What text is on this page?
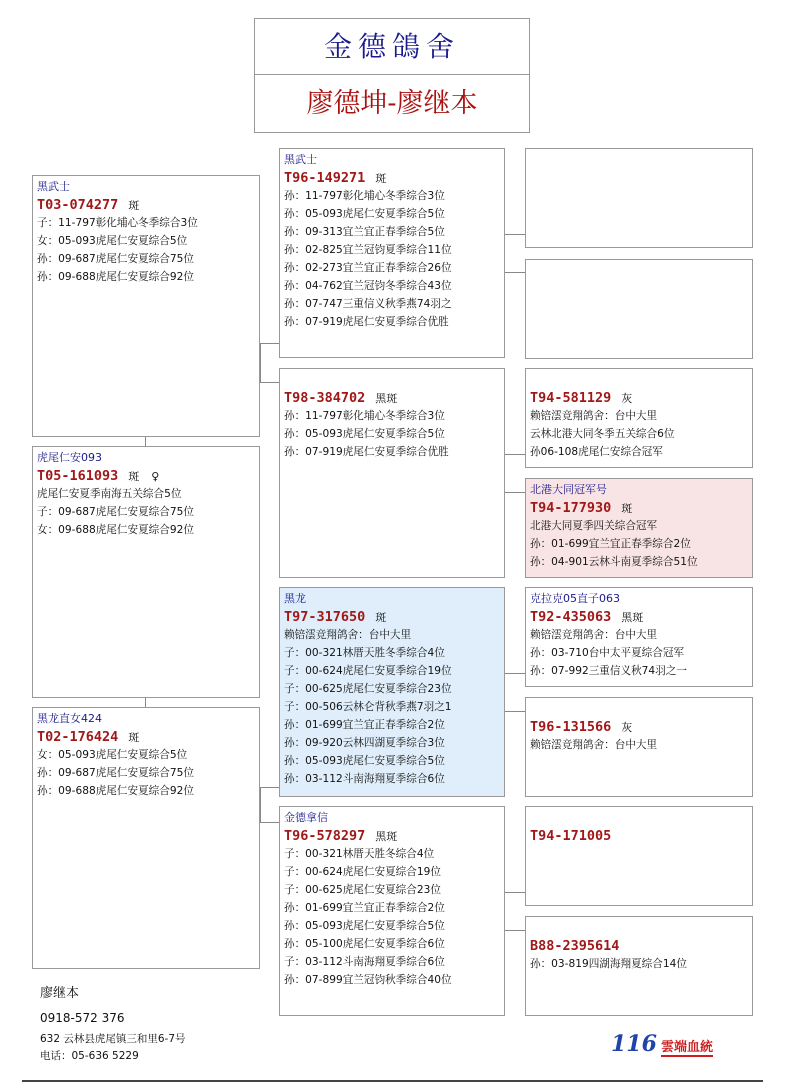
金德鴿舍
廖德坤-廖继本
黑武士
T03-074277 斑
子：11-797彰化埔心冬季综合3位
女：05-093虎尾仁安夏综合5位
孙：09-687虎尾仁安夏综合75位
孙：09-688虎尾仁安夏综合92位
虎尾仁安093
T05-161093 斑 ♀
虎尾仁安夏季南海五关综合5位
子：09-687虎尾仁安夏综合75位
女：09-688虎尾仁安夏综合92位
黑龙直女424
T02-176424 斑
女：05-093虎尾仁安夏综合5位
孙：09-687虎尾仁安夏综合75位
孙：09-688虎尾仁安夏综合92位
黑武士
T96-149271 斑
孙：11-797彰化埔心冬季综合3位
孙：05-093虎尾仁安夏季综合5位
孙：09-313宜兰宜正春季综合5位
孙：02-825宜兰冠钧夏季综合11位
孙：02-273宜兰宜正春季综合26位
孙：04-762宜兰冠钧冬季综合43位
孙：07-747三重信义秋季燕74羽之
孙：07-919虎尾仁安夏季综合优胜
T98-384702 黑斑
孙：11-797彰化埔心冬季综合3位
孙：05-093虎尾仁安夏季综合5位
孙：07-919虎尾仁安夏季综合优胜
黑龙
T97-317650 斑
赖锫澐竞翔鸽舍：台中大里
子：00-321林厝天胜冬季综合4位
子：00-624虎尾仁安夏季综合19位
子：00-625虎尾仁安夏季综合23位
子：00-506云林仑背秋季燕7羽之1
孙：01-699宜兰宜正春季综合2位
孙：09-920云林四湖夏季综合3位
孙：05-093虎尾仁安夏季综合5位
孙：03-112斗南海翔夏季综合6位
金德拿信
T96-578297 黑斑
子：00-321林厝天胜冬综合4位
子：00-624虎尾仁安夏综合19位
子：00-625虎尾仁安夏综合23位
孙：01-699宜兰宜正春季综合2位
孙：05-093虎尾仁安夏季综合5位
孙：05-100虎尾仁安夏季综合6位
子：03-112斗南海翔夏季综合6位
孙：07-899宜兰冠钧秋季综合40位
T94-581129 灰
赖锫澐竞翔鸽舍：台中大里
云林北港大同冬季五关综合6位
孙06-108虎尾仁安综合冠军
北港大同冠军号
T94-177930 斑
北港大同夏季四关综合冠军
孙：01-699宜兰宜正春季综合2位
孙：04-901云林斗南夏季综合51位
克拉克05直子063
T92-435063 黑斑
赖锫澐竞翔鸽舍：台中大里
孙：03-710台中太平夏综合冠军
孙：07-992三重信义秋74羽之一
T96-131566 灰
赖锫澐竞翔鸽舍：台中大里
T94-171005
B88-2395614
孙：03-819四湖海翔夏综合14位
廖继本
0918-572 376
632 云林县虎尾镇三和里6-7号
电话：05-636 5229	116 雲端血統
